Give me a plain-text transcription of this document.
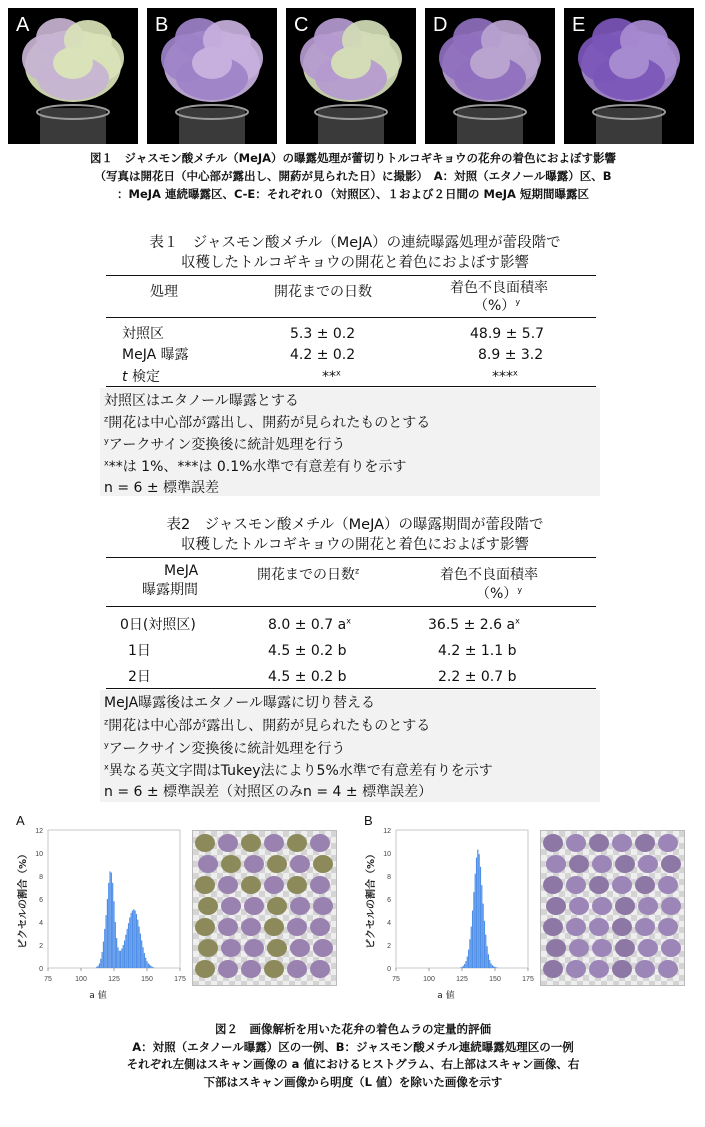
A	B	C	D	E
図１　ジャスモン酸メチル（MeJA）の曝露処理が蕾切りトルコギキョウの花弁の着色におよぼす影響
（写真は開花日（中心部が露出し、開葯が見られた日）に撮影）　A：対照（エタノール曝露）区、B
：MeJA 連続曝露区、C-E：それぞれ０（対照区）、１および２日間の MeJA 短期間曝露区
表１　ジャスモン酸メチル（MeJA）の連続曝露処理が蕾段階で
収穫したトルコギキョウの開花と着色におよぼす影響
処理	開花までの日数	着色不良面積率
（%）$^y$
対照区	5.3 ± 0.2	48.9 ± 5.7
MeJA 曝露	4.2 ± 0.2	8.9 ± 3.2
t 検定	**$^x$	***$^x$
対照区はエタノール曝露とする
$^z$開花は中心部が露出し、開葯が見られたものとする
$^y$アークサイン変換後に統計処理を行う
$^x$**は 1%、***は 0.1%水準で有意差有りを示す
n = 6 ± 標準誤差
表2　ジャスモン酸メチル（MeJA）の曝露期間が蕾段階で
収穫したトルコギキョウの開花と着色におよぼす影響
MeJA
曝露期間
開花までの日数$^z$	着色不良面積率
（%）$^y$
0日(対照区)	8.0 ± 0.7 $a^x$	36.5 ± 2.6 $a^x$
1日	4.5 ± 0.2 b	4.2 ± 1.1 b
2日	4.5 ± 0.2 b	2.2 ± 0.7 b
MeJA曝露後はエタノール曝露に切り替える
$^z$開花は中心部が露出し、開葯が見られたものとする
$^y$アークサイン変換後に統計処理を行う
$^x$異なる英文字間はTukey法により5%水準で有意差有りを示す
n = 6 ± 標準誤差（対照区のみn = 4 ± 標準誤差）
A
0
2
4
6
8
10
12
75	100	125	150	175
a 値
ピクセルの割合（%）
B
0
2
4
6
8
10
12
75	100	125	150	175
a 値
ピクセルの割合（%）
図２　画像解析を用いた花弁の着色ムラの定量的評価
A：対照（エタノール曝露）区の一例、B：ジャスモン酸メチル連続曝露処理区の一例
それぞれ左側はスキャン画像の a 値におけるヒストグラム、右上部はスキャン画像、右
下部はスキャン画像から明度（L 値）を除いた画像を示す
